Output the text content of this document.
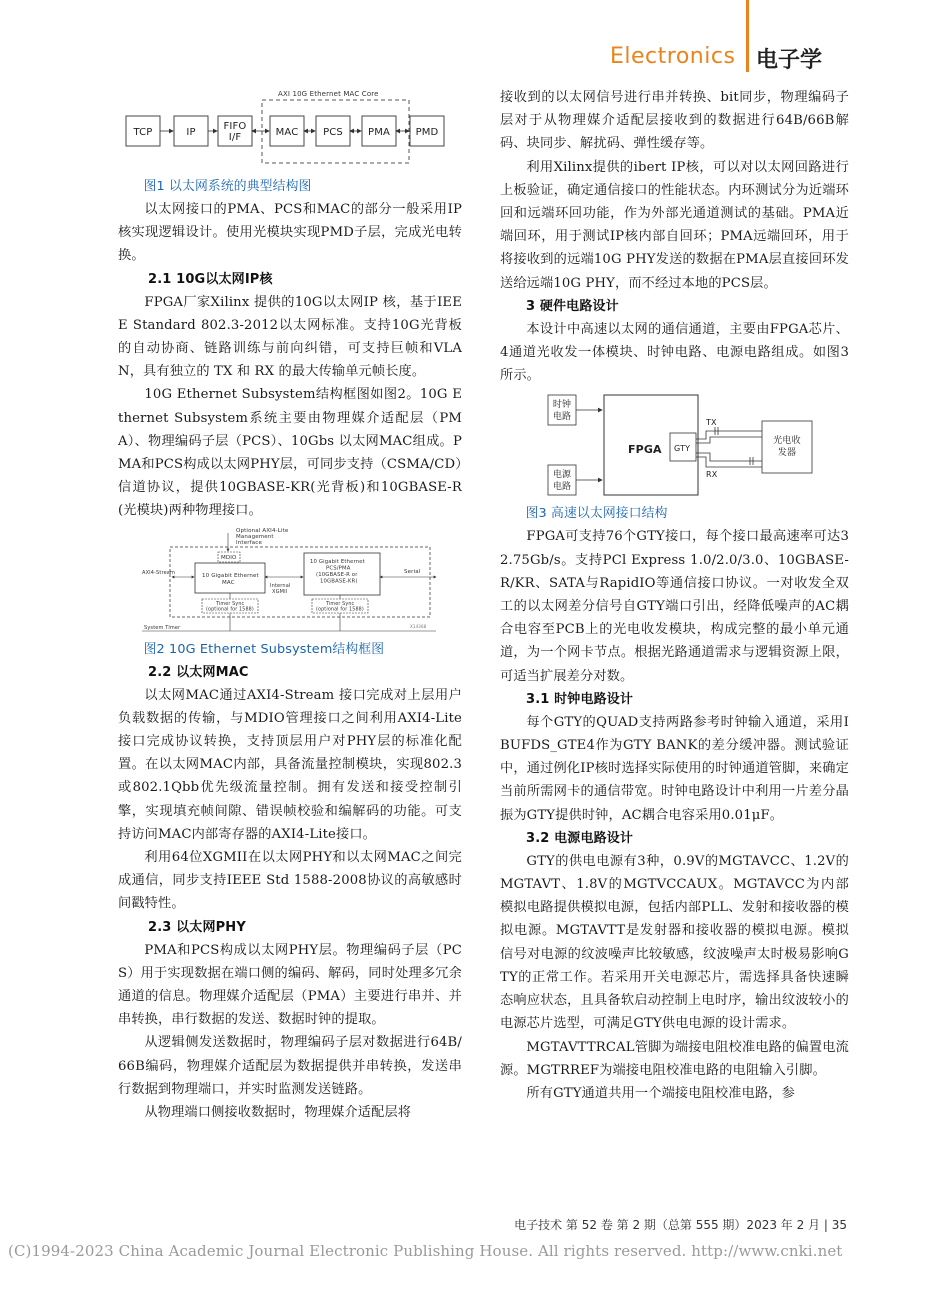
Electronics 电子学
AXI 10G Ethernet MAC Core
TCP	IP
FIFO I/F	MAC PCS	PMA	PMD

图1 以太网系统的典型结构图

以太网接口的PMA、PCS和MAC的部分一般采用IP核实现逻辑设计。使用光模块实现PMD子层，完成光电转换。

2.1 10G以太网IP核

FPGA厂家Xilinx 提供的10G以太网IP 核，基于IEEE Standard 802.3-2012以太网标准。支持10G光背板的自动协商、链路训练与前向纠错，可支持巨帧和VLAN，具有独立的 TX 和 RX 的最大传输单元帧长度。

10G Ethernet Subsystem结构框图如图2。10G Ethernet Subsystem系统主要由物理媒介适配层（PMA）、物理编码子层（PCS）、10Gbs 以太网MAC组成。PMA和PCS构成以太网PHY层，可同步支持（CSMA/CD）信道协议，提供10GBASE-KR(光背板)和10GBASE-R(光模块)两种物理接口。

Optional AXI4-Lite Management Interface
MDIO
10 Gigabit Ethernet MAC
AXI4-Stream
Internal XGMII
10 Gigabit Ethernet PCS/PMA (10GBASE-R or 10GBASE-KR)
Serial
Timer Sync (optional for 1588)
Timer Sync (optional for 1588)
System Timer	X14368

图2 10G Ethernet Subsystem结构框图

2.2 以太网MAC

以太网MAC通过AXI4-Stream 接口完成对上层用户负载数据的传输，与MDIO管理接口之间利用AXI4-Lite接口完成协议转换，支持顶层用户对PHY层的标准化配置。在以太网MAC内部，具备流量控制模块，实现802.3或802.1Qbb优先级流量控制。拥有发送和接受控制引擎，实现填充帧间隙、错误帧校验和编解码的功能。可支持访问MAC内部寄存器的AXI4-Lite接口。

利用64位XGMII在以太网PHY和以太网MAC之间完成通信，同步支持IEEE Std 1588-2008协议的高敏感时间戳特性。

2.3 以太网PHY

PMA和PCS构成以太网PHY层。物理编码子层（PCS）用于实现数据在端口侧的编码、解码，同时处理多冗余通道的信息。物理媒介适配层（PMA）主要进行串并、并串转换，串行数据的发送、数据时钟的提取。

从逻辑侧发送数据时，物理编码子层对数据进行64B/66B编码，物理媒介适配层为数据提供并串转换，发送串行数据到物理端口，并实时监测发送链路。

从物理端口侧接收数据时，物理媒介适配层将

接收到的以太网信号进行串并转换、bit同步，物理编码子层对于从物理媒介适配层接收到的数据进行64B/66B解码、块同步、解扰码、弹性缓存等。

利用Xilinx提供的ibert IP核，可以对以太网回路进行上板验证，确定通信接口的性能状态。内环测试分为近端环回和远端环回功能，作为外部光通道测试的基础。PMA近端回环，用于测试IP核内部自回环；PMA远端回环，用于将接收到的远端10G PHY发送的数据在PMA层直接回环发送给远端10G PHY，而不经过本地的PCS层。

3 硬件电路设计

本设计中高速以太网的通信通道，主要由FPGA芯片、4通道光收发一体模块、时钟电路、电源电路组成。如图3所示。

时钟电路
电源电路
FPGA GTY
TX
RX
光电收发器

图3 高速以太网接口结构

FPGA可支持76个GTY接口，每个接口最高速率可达32.75Gb/s。支持PCl Express 1.0/2.0/3.0、10GBASE-R/KR、SATA与RapidIO等通信接口协议。一对收发全双工的以太网差分信号自GTY端口引出，经降低噪声的AC耦合电容至PCB上的光电收发模块，构成完整的最小单元通道，为一个网卡节点。根据光路通道需求与逻辑资源上限，可适当扩展差分对数。

3.1 时钟电路设计

每个GTY的QUAD支持两路参考时钟输入通道，采用IBUFDS_GTE4作为GTY BANK的差分缓冲器。测试验证中，通过例化IP核时选择实际使用的时钟通道管脚，来确定当前所需网卡的通信带宽。时钟电路设计中利用一片差分晶振为GTY提供时钟，AC耦合电容采用0.01μF。

3.2 电源电路设计

GTY的供电电源有3种，0.9V的MGTAVCC、1.2V的MGTAVT、1.8V的MGTVCCAUX。MGTAVCC为内部模拟电路提供模拟电源，包括内部PLL、发射和接收器的模拟电源。MGTAVTT是发射器和接收器的模拟电源。模拟信号对电源的纹波噪声比较敏感，纹波噪声太时极易影响GTY的正常工作。若采用开关电源芯片，需选择具备快速瞬态响应状态，且具备软启动控制上电时序，输出纹波较小的电源芯片选型，可满足GTY供电电源的设计需求。

MGTAVTTRCAL管脚为端接电阻校准电路的偏置电流源。MGTRREF为端接电阻校准电路的电阻输入引脚。

所有GTY通道共用一个端接电阻校准电路，参

电子技术 第 52 卷 第 2 期（总第 555 期）2023 年 2 月 | 35
(C)1994-2023 China Academic Journal Electronic Publishing House. All rights reserved. http://www.cnki.net
